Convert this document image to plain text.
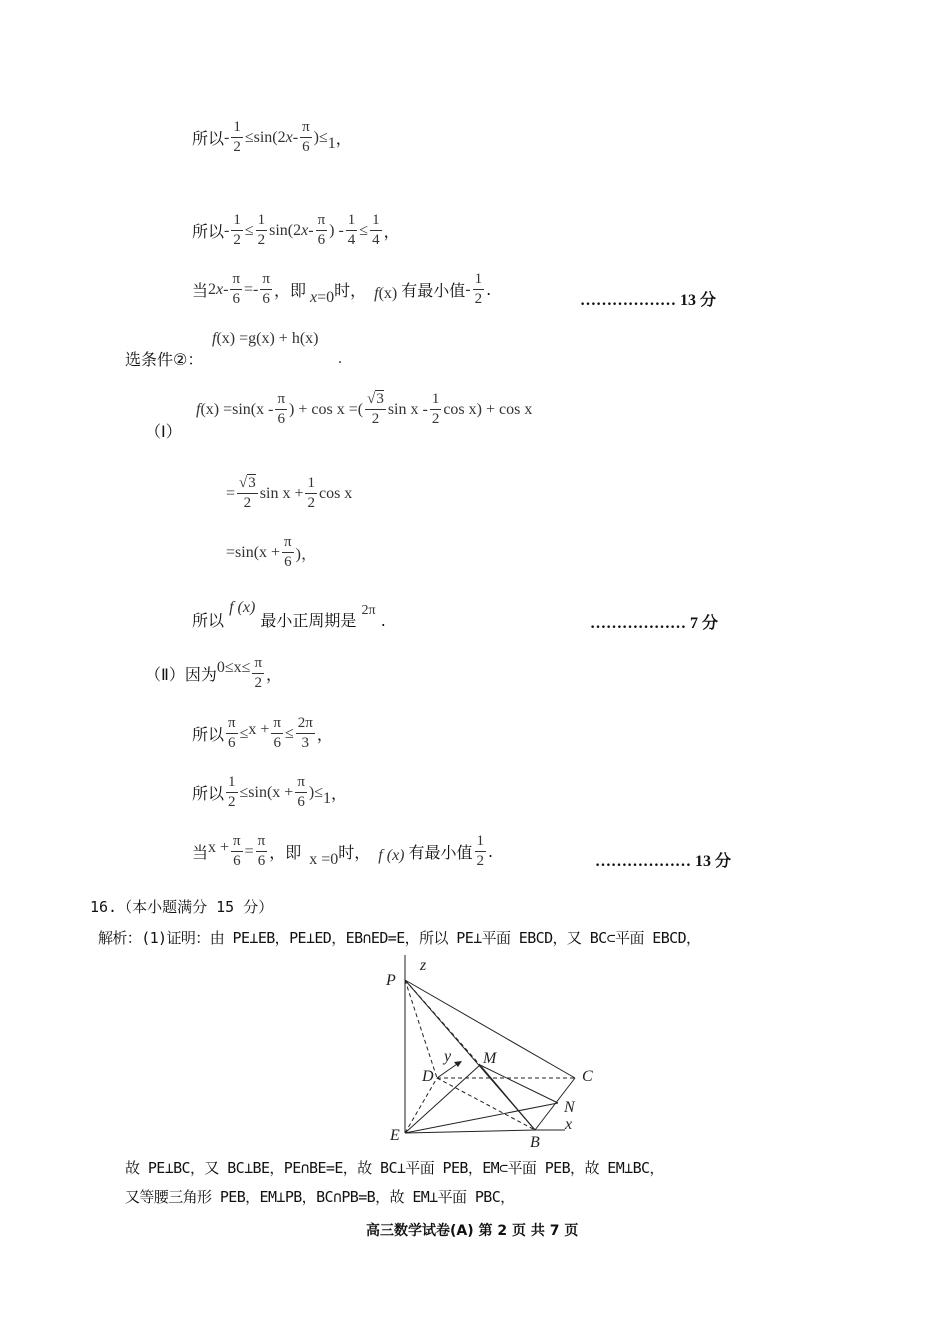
所以 - $\frac{1}{2} \le\sin(2$ x - $\frac{\pi}{6}$ )≤ 1 ，
所以 - $\frac{1}{2} \le \frac{1}{2} \sin(2$ x - $\frac{\pi}{6}$ ) - $\frac{1}{4} \le \frac{1}{4}$ ，
当 2 $x - \frac{\pi}{6} =- \frac{\pi}{6}$ ，即 x =0 时， f (x) 有最小值 - $\frac{1}{2}$ .
……………… 13 分
选条件②：
f(x) =g(x) + h(x)
.
（Ⅰ）
f $(x) =\sin(x - \frac{\pi}{6}$ ) + cos x =( $\frac{√3}{2}$ sin x - $\frac{1}{2}$ cos x) + cos x
= $\frac{√3}{2}$ $\sin x + \frac{1}{2}$ cos x
$=\sin(x + \frac{\pi}{6}$ )，
所以 f (x) 最小正周期是 2π .	……………… 7 分
（Ⅱ）因为 $0\le x\le \frac{\pi}{2}$ ，
所以 $\frac{\pi}{6} \le x + \frac{\pi}{6} \le \frac{2\pi}{3}$ ，
所以 $\frac{1}{2} \le\sin(x + \frac{\pi}{6}$ )≤ 1 ，
当 $x + \frac{\pi}{6} = \frac{\pi}{6}$ ，即 x =0 时， f (x) 有最小值 $\frac{1}{2}$ .
……………… 13 分
16.（本小题满分 15 分）
解析：(1)证明：由 PE⊥EB，PE⊥ED，EB∩ED=E，所以 PE⊥平面 EBCD，又 BC⊂平面 EBCD，
P
z
y M
D	C
N
E	B
x
故 PE⊥BC，又 BC⊥BE，PE∩BE=E，故 BC⊥平面 PEB，EM⊂平面 PEB，故 EM⊥BC，
又等腰三角形 PEB，EM⊥PB，BC∩PB=B，故 EM⊥平面 PBC，
高三数学试卷(A) 第 2 页 共 7 页
